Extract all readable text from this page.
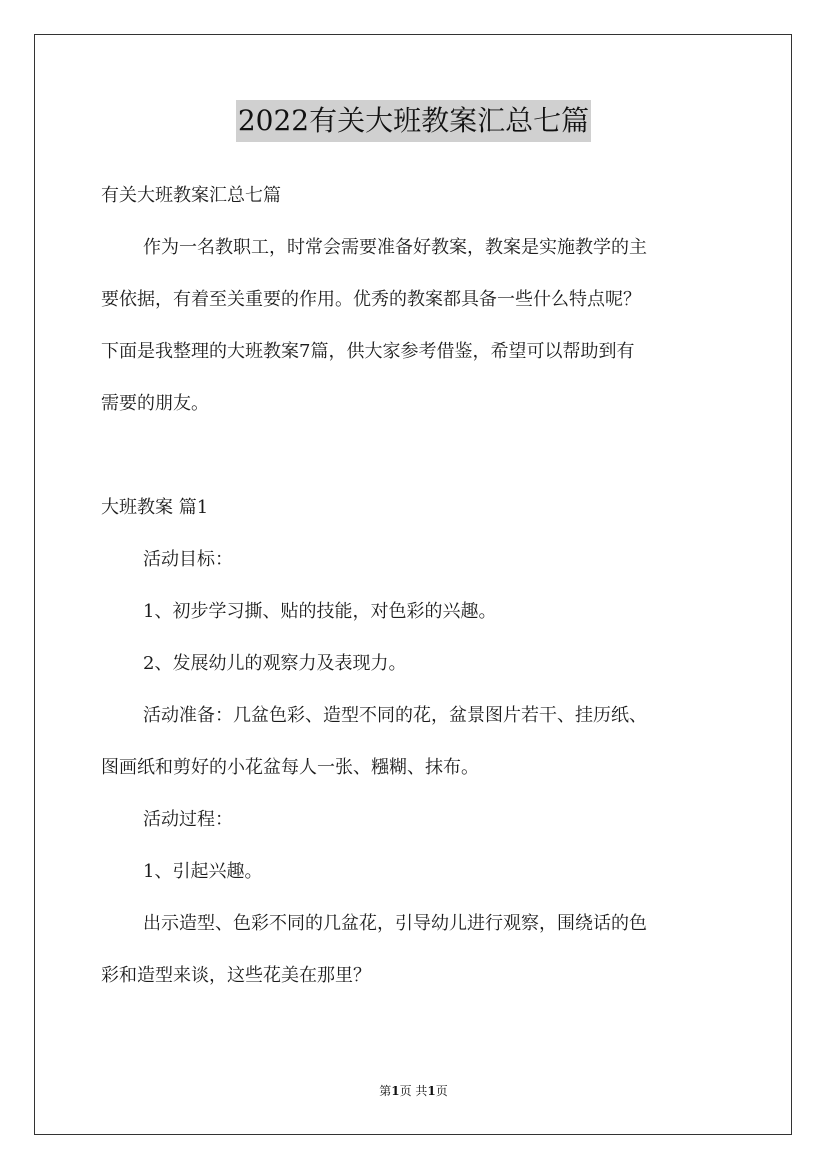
2022有关大班教案汇总七篇
有关大班教案汇总七篇
作为一名教职工，时常会需要准备好教案，教案是实施教学的主
要依据，有着至关重要的作用。优秀的教案都具备一些什么特点呢？
下面是我整理的大班教案7篇，供大家参考借鉴，希望可以帮助到有
需要的朋友。
大班教案 篇1
活动目标：
1、初步学习撕、贴的技能，对色彩的兴趣。
2、发展幼儿的观察力及表现力。
活动准备：几盆色彩、造型不同的花，盆景图片若干、挂历纸、
图画纸和剪好的小花盆每人一张、糨糊、抹布。
活动过程：
1、引起兴趣。
出示造型、色彩不同的几盆花，引导幼儿进行观察，围绕话的色
彩和造型来谈，这些花美在那里？
第1页 共1页
